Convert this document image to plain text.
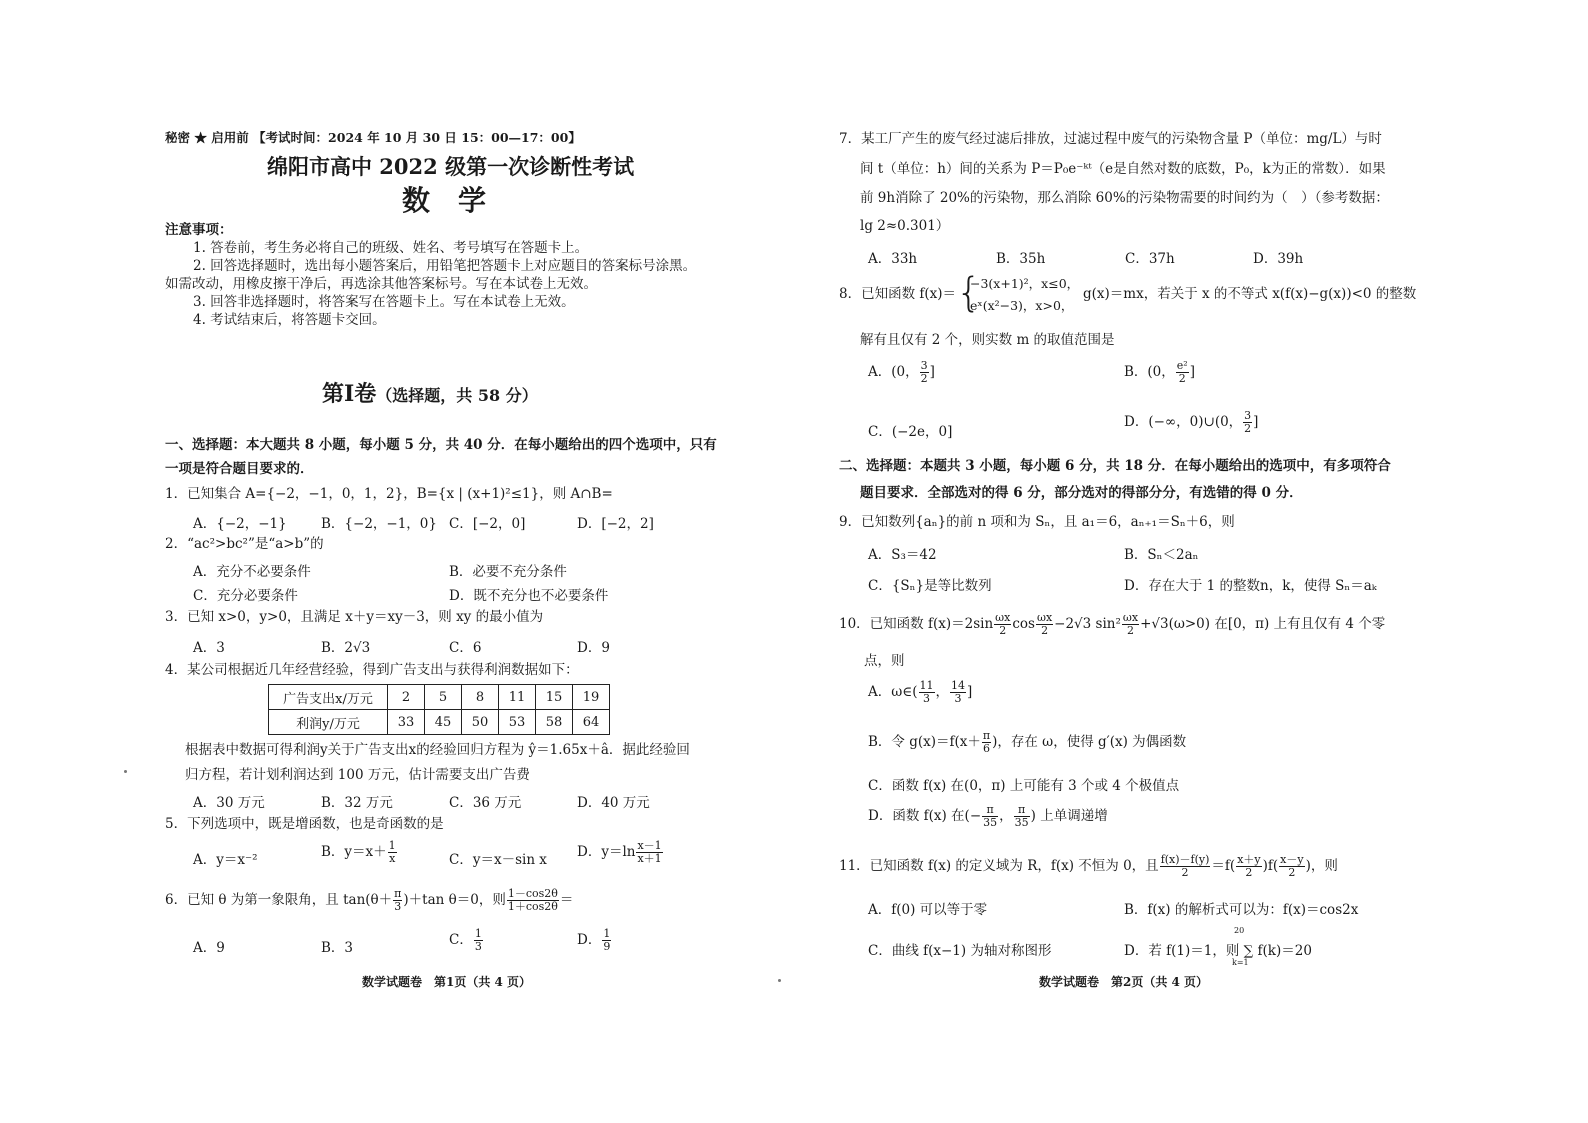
秘密 ★ 启用前 【考试时间：2024 年 10 月 30 日 15：00—17：00】
绵阳市高中 2022 级第一次诊断性考试
数　学
注意事项：
1. 答卷前，考生务必将自己的班级、姓名、考号填写在答题卡上。
2. 回答选择题时，选出每小题答案后，用铅笔把答题卡上对应题目的答案标号涂黑。
如需改动，用橡皮擦干净后，再选涂其他答案标号。写在本试卷上无效。
3. 回答非选择题时，将答案写在答题卡上。写在本试卷上无效。
4. 考试结束后，将答题卡交回。
第Ⅰ卷（选择题，共 58 分）
一、选择题：本大题共 8 小题，每小题 5 分，共 40 分．在每小题给出的四个选项中，只有
一项是符合题目要求的．
1．已知集合 A={−2，−1，0，1，2}，B={x | (x+1)²≤1}，则 A∩B=
A．{−2，−1}	B．{−2，−1，0} C．[−2，0]	D．[−2，2]
2．“ac²>bc²”是“a>b”的
A．充分不必要条件	B．必要不充分条件
C．充分必要条件	D．既不充分也不必要条件
3．已知 x>0，y>0，且满足 x＋y＝xy－3，则 xy 的最小值为
A．3	B．2√3	C．6	D．9
4．某公司根据近几年经营经验，得到广告支出与获得利润数据如下：
广告支出x/万元	2	5	8	11	15	19
利润y/万元	33	45	50	53	58	64
根据表中数据可得利润y关于广告支出x的经验回归方程为 ŷ＝1.65x＋â．据此经验回
归方程，若计划利润达到 100 万元，估计需要支出广告费
A．30 万元	B．32 万元	C．36 万元	D．40 万元
5．下列选项中，既是增函数，也是奇函数的是
A．y＝x⁻²	B．$y=x+ \frac{1}{x}$	C．y＝x－sin x D．$y=\ln \frac{x-1}{x+1}$
6．已知 θ 为第一象限角，且 $\tan(\theta+ \frac{\pi}{3} )+\tan$ θ＝0，则 $\frac{1-\cos 2\theta}{1+\cos 2\theta}$ ＝
A．9	B．3	C． $\frac{1}{3}$	D． $\frac{1}{9}$
数学试题卷　第1页（共 4 页）
7．某工厂产生的废气经过滤后排放，过滤过程中废气的污染物含量 P（单位：mg/L）与时
间 t（单位：h）间的关系为 P＝P₀e⁻ᵏᵗ（e是自然对数的底数，P₀，k为正的常数）．如果
前 9h消除了 20%的污染物，那么消除 60%的污染物需要的时间约为（　）（参考数据：
lg 2≈0.301）
A．33h	B．35h	C．37h	D．39h
8．已知函数 f(x)＝ {
−3(x+1)²，x≤0，
eˣ(x²−3)，x>0，
g(x)＝mx，若关于 x 的不等式 x(f(x)−g(x))<0 的整数
解有且仅有 2 个，则实数 m 的取值范围是
A．(0， $\frac{3}{2}$ ]	B．(0， $\frac{\text{e²}}{2}$ ]
C．(−2e，0]
D．(−∞，0)∪(0， $\frac{3}{2}$ ]
二、选择题：本题共 3 小题，每小题 6 分，共 18 分．在每小题给出的选项中，有多项符合
题目要求．全部选对的得 6 分，部分选对的得部分分，有选错的得 0 分．
9．已知数列{aₙ}的前 n 项和为 Sₙ，且 a₁＝6，aₙ₊₁＝Sₙ＋6，则
A．S₃＝42	B．Sₙ＜2aₙ
C．{Sₙ}是等比数列	D．存在大于 1 的整数n，k，使得 Sₙ＝aₖ
10．已知函数 $f(x)=2\sin \frac{\omega x}{2}$ $\cos \frac{\omega x}{2} -2√3$ $\sin^2 \frac{\omega x}{2} +√3(\omega>0)$ 在[0，π) 上有且仅有 4 个零
点，则
A．ω∈( $\frac{11}{3}$ ， $\frac{14}{3}$ ]
B．令 $g(x)=f(x+ \frac{\pi}{6}$ )，存在 ω，使得 g′(x) 为偶函数
C．函数 f(x) 在(0，π) 上可能有 3 个或 4 个极值点
D．函数 f(x) 在(− $\frac{\pi}{35}$ ， $\frac{\pi}{35}$ ) 上单调递增
11．已知函数 f(x) 的定义域为 R，f(x) 不恒为 0，且 $\frac{f(x)-f(y)}{2} =f( \frac{x+y}{2} )f( \frac{x-y}{2}$ )，则
A．f(0) 可以等于零	B．f(x) 的解析式可以为：f(x)＝cos2x
C．曲线 f(x−1) 为轴对称图形	D．若 f(1)＝1，则 ∑ f(k)＝20
20
k=1
数学试题卷　第2页（共 4 页）
